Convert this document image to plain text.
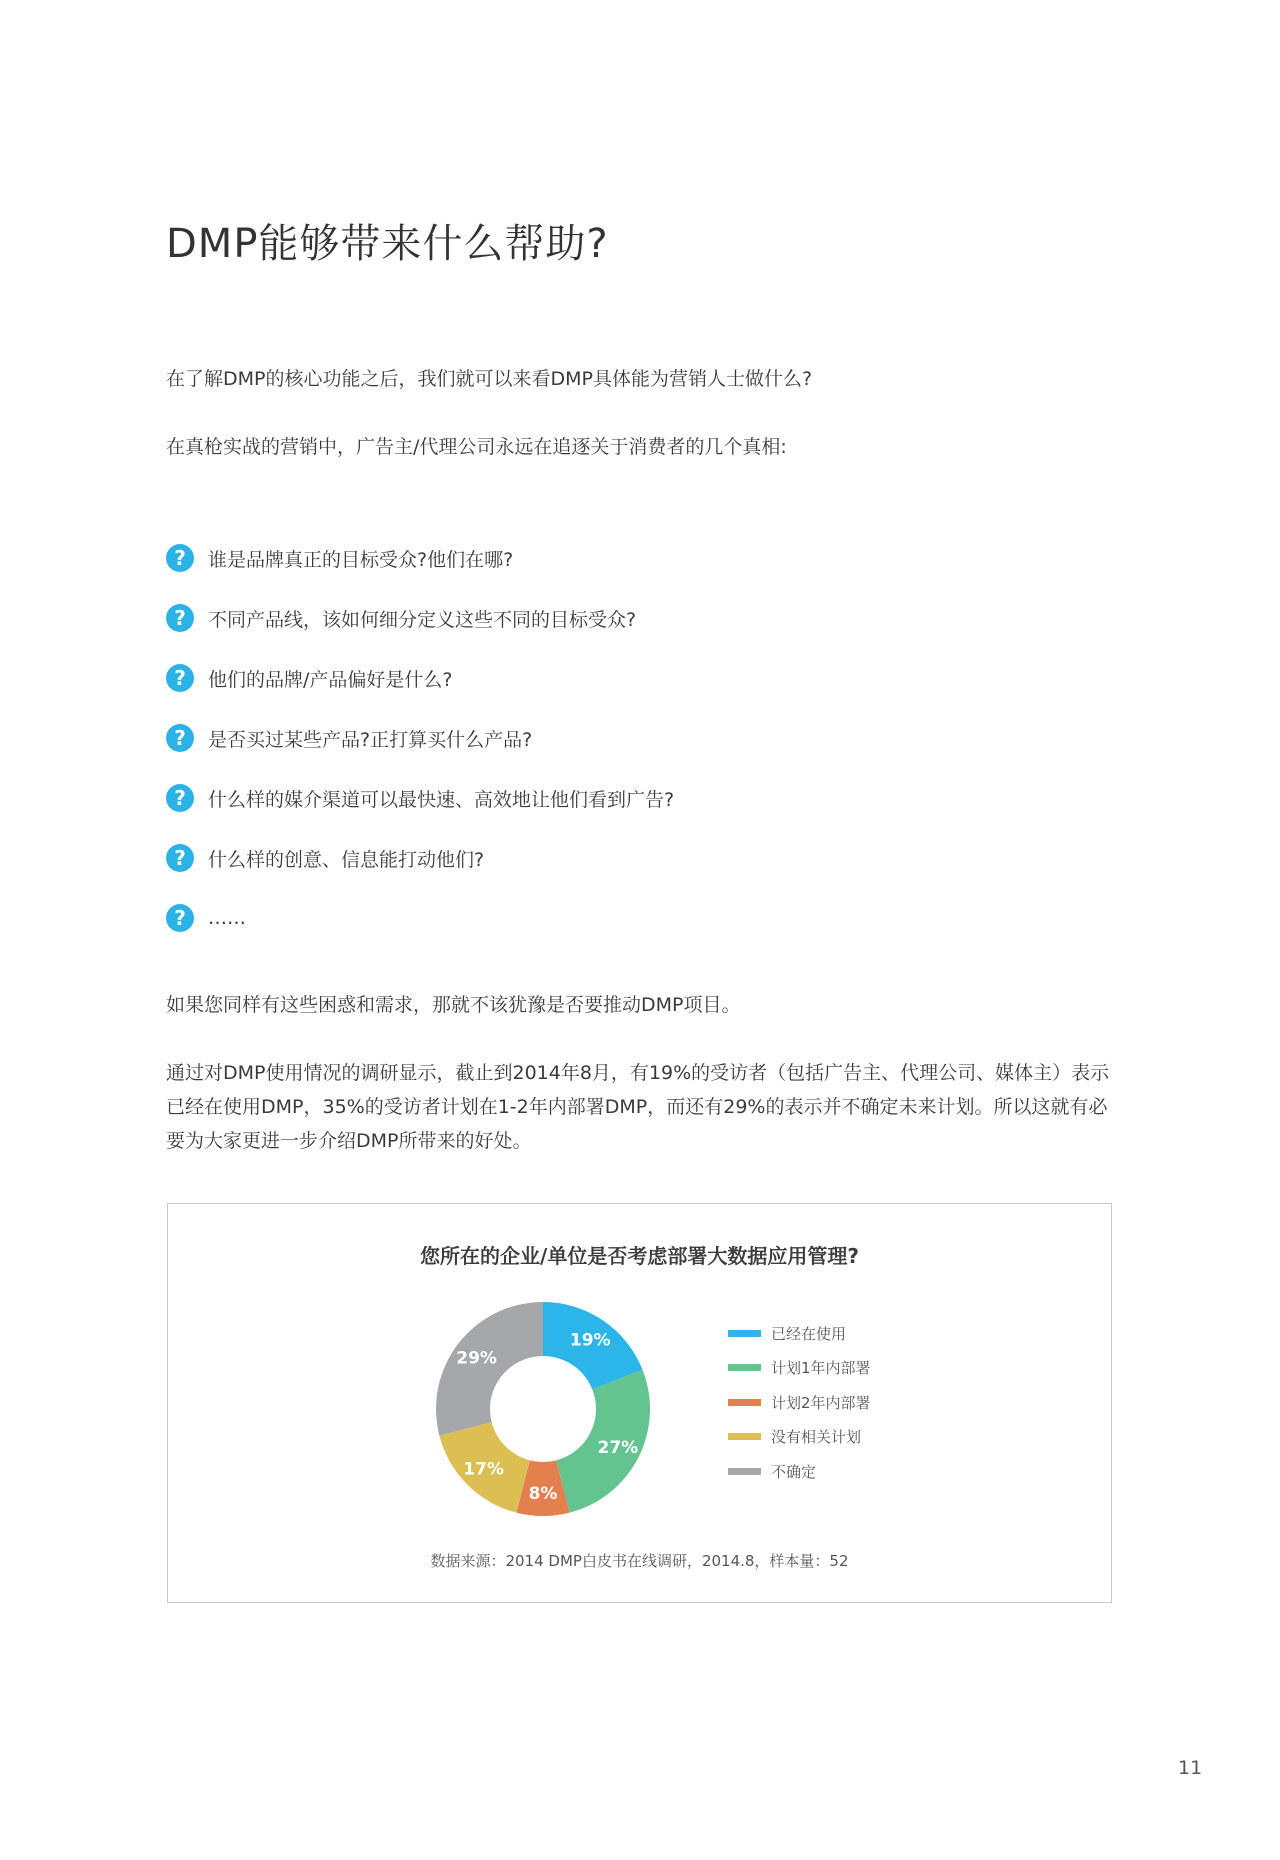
DMP能够带来什么帮助?

在了解DMP的核心功能之后，我们就可以来看DMP具体能为营销人士做什么?

在真枪实战的营销中，广告主/代理公司永远在追逐关于消费者的几个真相:

?	谁是品牌真正的目标受众?他们在哪?
?	不同产品线，该如何细分定义这些不同的目标受众?
?	他们的品牌/产品偏好是什么?
?	是否买过某些产品?正打算买什么产品?
?	什么样的媒介渠道可以最快速、高效地让他们看到广告?
?	什么样的创意、信息能打动他们?
?	……

如果您同样有这些困惑和需求，那就不该犹豫是否要推动DMP项目。

通过对DMP使用情况的调研显示，截止到2014年8月，有19%的受访者（包括广告主、代理公司、媒体主）表示已经在使用DMP，35%的受访者计划在1-2年内部署DMP，而还有29%的表示并不确定未来计划。所以这就有必要为大家更进一步介绍DMP所带来的好处。

您所在的企业/单位是否考虑部署大数据应用管理?

19%
27%
8%
17%
29%
已经在使用
计划1年内部署
计划2年内部署
没有相关计划
不确定

数据来源：2014 DMP白皮书在线调研，2014.8，样本量：52

11
